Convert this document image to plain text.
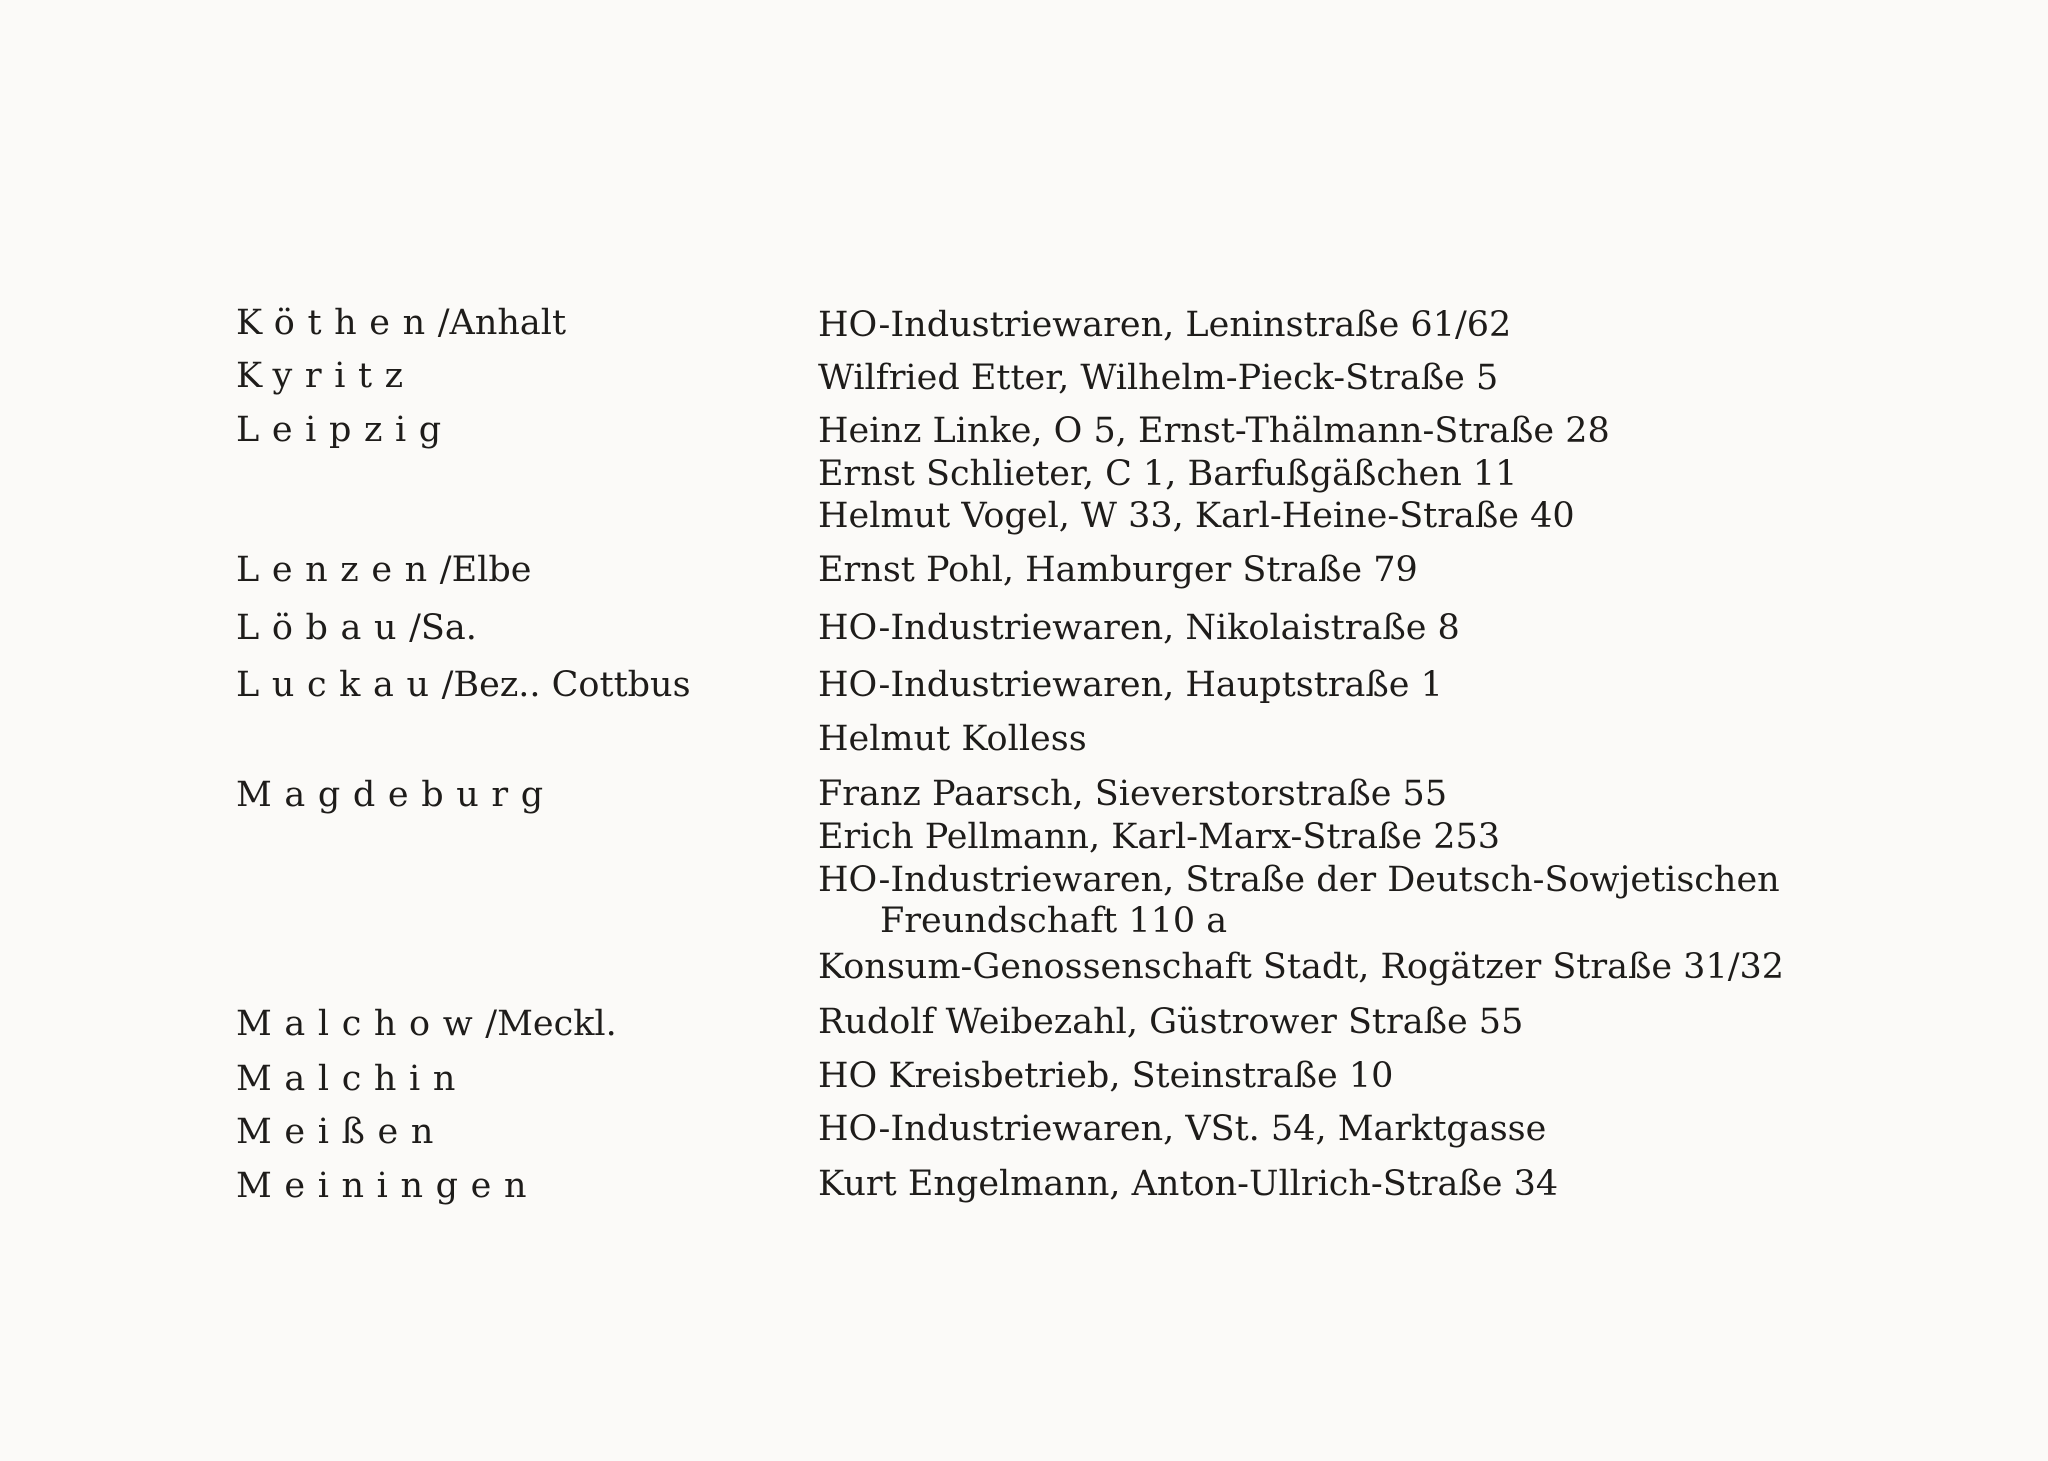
Köthen/Anhalt	HO-Industriewaren, Leninstraße 61/62
Kyritz	Wilfried Etter, Wilhelm-Pieck-Straße 5
Leipzig	Heinz Linke, O 5, Ernst-Thälmann-Straße 28
Ernst Schlieter, C 1, Barfußgäßchen 11
Helmut Vogel, W 33, Karl-Heine-Straße 40
Lenzen/Elbe	Ernst Pohl, Hamburger Straße 79
Löbau/Sa.	HO-Industriewaren, Nikolaistraße 8
Luckau/Bez.. Cottbus	HO-Industriewaren, Hauptstraße 1
Helmut Kolless
Magdeburg	Franz Paarsch, Sieverstorstraße 55
Erich Pellmann, Karl-Marx-Straße 253
HO-Industriewaren, Straße der Deutsch-Sowjetischen
Freundschaft 110 a
Konsum-Genossenschaft Stadt, Rogätzer Straße 31/32
Malchow/Meckl.	Rudolf Weibezahl, Güstrower Straße 55
Malchin	HO Kreisbetrieb, Steinstraße 10
Meißen	HO-Industriewaren, VSt. 54, Marktgasse
Meiningen	Kurt Engelmann, Anton-Ullrich-Straße 34
